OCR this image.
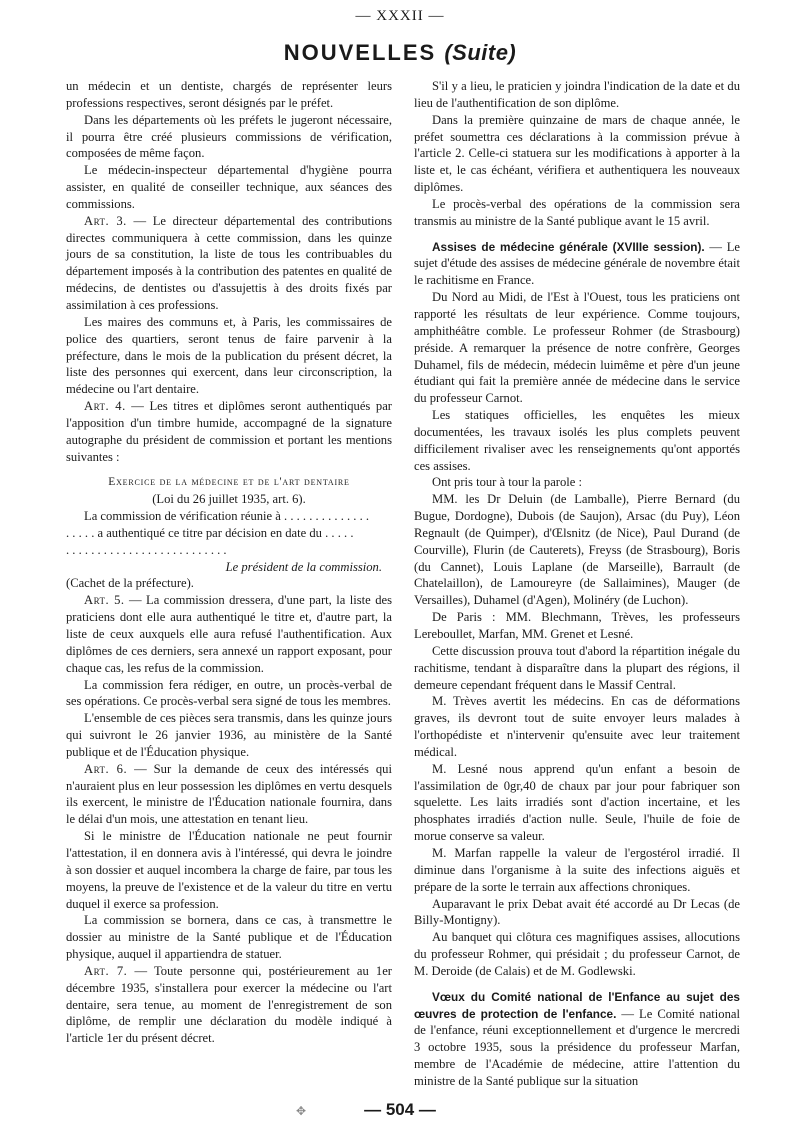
— XXXII —
NOUVELLES (Suite)

un médecin et un dentiste, chargés de représenter leurs professions respectives, seront désignés par le préfet.

Dans les départements où les préfets le jugeront nécessaire, il pourra être créé plusieurs commissions de vérification, composées de même façon.

Le médecin-inspecteur départemental d'hygiène pourra assister, en qualité de conseiller technique, aux séances des commissions.

Art. 3. — Le directeur départemental des contributions directes communiquera à cette commission, dans les quinze jours de sa constitution, la liste de tous les contribuables du département imposés à la contribution des patentes en qualité de médecins, de dentistes ou d'assujettis à des droits fixés par assimilation à ces professions.

Les maires des communs et, à Paris, les commissaires de police des quartiers, seront tenus de faire parvenir à la préfecture, dans le mois de la publication du présent décret, la liste des personnes qui exercent, dans leur circonscription, la médecine ou l'art dentaire.

Art. 4. — Les titres et diplômes seront authentiqués par l'apposition d'un timbre humide, accompagné de la signature autographe du président de commission et portant les mentions suivantes :

Exercice de la médecine et de l'art dentaire

(Loi du 26 juillet 1935, art. 6).

La commission de vérification réunie à . . . . . . . . . . . . . .

. . . . . a authentiqué ce titre par décision en date du . . . . .

. . . . . . . . . . . . . . . . . . . . . . . . . .

Le président de la commission.

(Cachet de la préfecture).

Art. 5. — La commission dressera, d'une part, la liste des praticiens dont elle aura authentiqué le titre et, d'autre part, la liste de ceux auxquels elle aura refusé l'authentification. Aux diplômes de ces derniers, sera annexé un rapport exposant, pour chaque cas, les refus de la commission.

La commission fera rédiger, en outre, un procès-verbal de ses opérations. Ce procès-verbal sera signé de tous les membres.

L'ensemble de ces pièces sera transmis, dans les quinze jours qui suivront le 26 janvier 1936, au ministère de la Santé publique et de l'Éducation physique.

Art. 6. — Sur la demande de ceux des intéressés qui n'auraient plus en leur possession les diplômes en vertu desquels ils exercent, le ministre de l'Éducation nationale fournira, dans le délai d'un mois, une attestation en tenant lieu.

Si le ministre de l'Éducation nationale ne peut fournir l'attestation, il en donnera avis à l'intéressé, qui devra le joindre à son dossier et auquel incombera la charge de faire, par tous les moyens, la preuve de l'existence et de la valeur du titre en vertu duquel il exerce sa profession.

La commission se bornera, dans ce cas, à transmettre le dossier au ministre de la Santé publique et de l'Éducation physique, auquel il appartiendra de statuer.

Art. 7. — Toute personne qui, postérieurement au 1er décembre 1935, s'installera pour exercer la médecine ou l'art dentaire, sera tenue, au moment de l'enregistrement de son diplôme, de remplir une déclaration du modèle indiqué à l'article 1er du présent décret.

S'il y a lieu, le praticien y joindra l'indication de la date et du lieu de l'authentification de son diplôme.

Dans la première quinzaine de mars de chaque année, le préfet soumettra ces déclarations à la commission prévue à l'article 2. Celle-ci statuera sur les modifications à apporter à la liste et, le cas échéant, vérifiera et authentiquera les nouveaux diplômes.

Le procès-verbal des opérations de la commission sera transmis au ministre de la Santé publique avant le 15 avril.

Assises de médecine générale (XVIIIe session). — Le sujet d'étude des assises de médecine générale de novembre était le rachitisme en France.

Du Nord au Midi, de l'Est à l'Ouest, tous les praticiens ont rapporté les résultats de leur expérience. Comme toujours, amphithéâtre comble. Le professeur Rohmer (de Strasbourg) préside. A remarquer la présence de notre confrère, Georges Duhamel, fils de médecin, médecin luimême et père d'un jeune étudiant qui fait la première année de médecine dans le service du professeur Carnot.

Les statiques officielles, les enquêtes les mieux documentées, les travaux isolés les plus complets peuvent difficilement rivaliser avec les renseignements qu'ont apportés ces assises.

Ont pris tour à tour la parole :

MM. les Dr Deluin (de Lamballe), Pierre Bernard (du Bugue, Dordogne), Dubois (de Saujon), Arsac (du Puy), Léon Regnault (de Quimper), d'Œlsnitz (de Nice), Paul Durand (de Courville), Flurin (de Cauterets), Freyss (de Strasbourg), Boris (du Cannet), Louis Laplane (de Marseille), Barrault (de Chatelaillon), de Lamoureyre (de Sallaimines), Mauger (de Versailles), Duhamel (d'Agen), Molinéry (de Luchon).

De Paris : MM. Blechmann, Trèves, les professeurs Lereboullet, Marfan, MM. Grenet et Lesné.

Cette discussion prouva tout d'abord la répartition inégale du rachitisme, tendant à disparaître dans la plupart des régions, il demeure cependant fréquent dans le Massif Central.

M. Trèves avertit les médecins. En cas de déformations graves, ils devront tout de suite envoyer leurs malades à l'orthopédiste et n'intervenir qu'ensuite avec leur traitement médical.

M. Lesné nous apprend qu'un enfant a besoin de l'assimilation de 0gr,40 de chaux par jour pour fabriquer son squelette. Les laits irradiés sont d'action incertaine, et les phosphates irradiés d'action nulle. Seule, l'huile de foie de morue conserve sa valeur.

M. Marfan rappelle la valeur de l'ergostérol irradié. Il diminue dans l'organisme à la suite des infections aiguës et prépare de la sorte le terrain aux affections chroniques.

Auparavant le prix Debat avait été accordé au Dr Lecas (de Billy-Montigny).

Au banquet qui clôtura ces magnifiques assises, allocutions du professeur Rohmer, qui présidait ; du professeur Carnot, de M. Deroide (de Calais) et de M. Godlewski.

Vœux du Comité national de l'Enfance au sujet des œuvres de protection de l'enfance. — Le Comité national de l'enfance, réuni exceptionnellement et d'urgence le mercredi 3 octobre 1935, sous la présidence du professeur Marfan, membre de l'Académie de médecine, attire l'attention du ministre de la Santé publique sur la situation

✥	— 504 —
